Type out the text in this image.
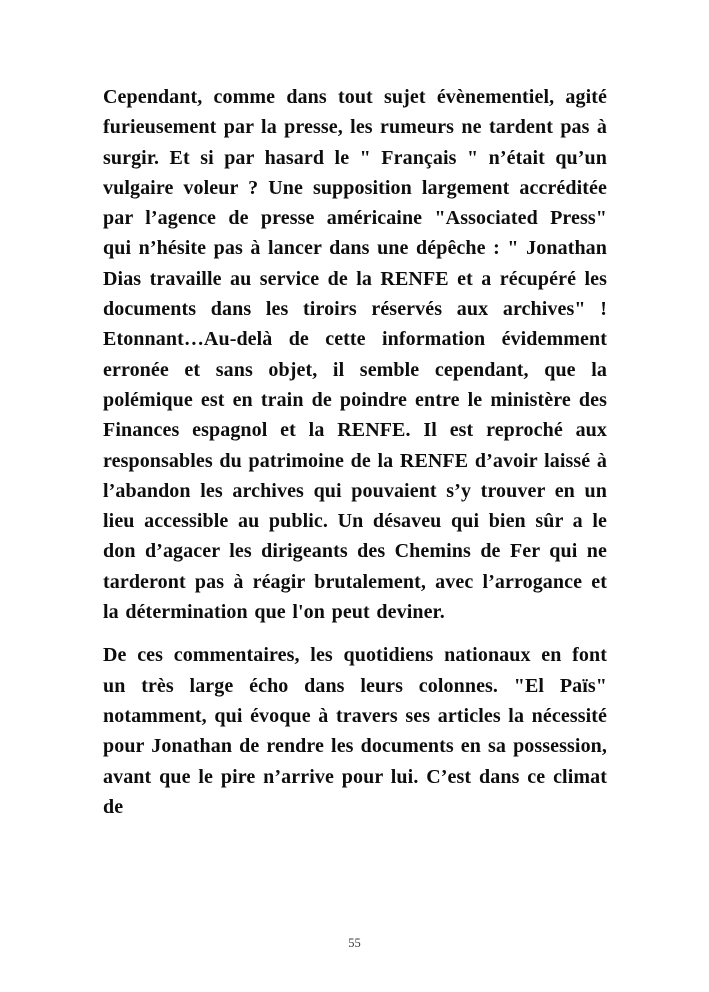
Cependant, comme dans tout sujet évènementiel, agité furieusement par la presse, les rumeurs ne tardent pas à surgir. Et si par hasard le " Français " n’était qu’un vulgaire voleur ? Une supposition largement accréditée par l’agence de presse américaine "Associated Press" qui n’hésite pas à lancer dans une dépêche : " Jonathan Dias travaille au service de la RENFE et a récupéré les documents dans les tiroirs réservés aux archives" ! Etonnant…Au-delà de cette information évidemment erronée et sans objet, il semble cependant, que la polémique est en train de poindre entre le ministère des Finances espagnol et la RENFE. Il est reproché aux responsables du patrimoine de la RENFE d’avoir laissé à l’abandon les archives qui pouvaient s’y trouver en un lieu accessible au public. Un désaveu qui bien sûr a le don d’agacer les dirigeants des Chemins de Fer qui ne tarderont pas à réagir brutalement, avec l’arrogance et la détermination que l'on peut deviner.

De ces commentaires, les quotidiens nationaux en font un très large écho dans leurs colonnes. "El Païs" notamment, qui évoque à travers ses articles la nécessité pour Jonathan de rendre les documents en sa possession, avant que le pire n’arrive pour lui. C’est dans ce climat de

55
